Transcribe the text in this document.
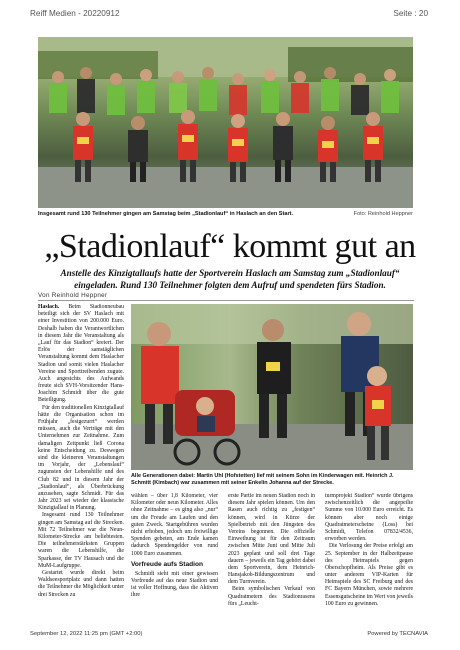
Reiff Medien - 20220912	Seite : 20
Insgesamt rund 130 Teilnehmer gingen am Samstag beim „Stadionlauf“ in Haslach an den Start.	Foto: Reinhold Heppner
„Stadionlauf“ kommt gut an
Anstelle des Kinzigtallaufs hatte der Sportverein Haslach am Samstag zum „Stadionlauf“ eingeladen. Rund 130 Teilnehmer folgten dem Aufruf und spendeten fürs Stadion.
Von Reinhold Heppner

Haslach. Beim Stadionneubau beteiligt sich der SV Haslach mit einer Investition von 200.000 Euro. Deshalb haben die Verantwortlichen in diesem Jahr die Veranstaltung als „Lauf für das Stadion“ kreiert. Der Erlös der samstäglichen Veranstaltung kommt dem Haslacher Stadion und somit vielen Haslacher Vereine und Sporttreibenden zugute. Auch angesichts des Aufwands freute sich SVH-Vorsitzender Hans-Joachim Schmidt über die gute Beteiligung.

Für den traditionellen Kinzigtallauf hätte die Organisation schon im Frühjahr „festgezurrt“ werden müssen, auch die Verträge mit den Unternehmen zur Zeitnahme. Zum damaligen Zeitpunkt ließ Corona keine Entscheidung zu. Deswegen sind die kleineren Veranstaltungen im Vorjahr, der „Lebenslauf“ zugunsten der Lebenshilfe und des Club 82 und in diesem Jahr der „Stadionlauf“, als Überbrückung anzusehen, sagte Schmidt. Für das Jahr 2023 sei wieder der klassische Kinzigtallauf in Planung.

Insgesamt rund 130 Teilnehmer gingen am Samstag auf die Strecken. Mit 72 Teilnehmer war die Neun-Kilometer-Strecke am beliebtesten. Die teilnehmerstärksten Gruppen waren die Lebenshilfe, die Sparkasse, der TV Hausach und die MuM-Laufgruppe.

Gestartet wurde direkt beim Waldseesportplatz und dann hatten die Teilnehmer die Möglichkeit unter drei Strecken zu

Alle Generationen dabei: Martin Uhl (Hofstetten) lief mit seinem Sohn im Kinderwagen mit. Heinrich J. Schmitt (Kimbach) war zusammen mit seiner Enkelin Johanna auf der Strecke.

wählen – über 1,8 Kilometer, vier Kilometer oder neun Kilometer. Alles ohne Zeitnahme – es ging also „nur“ um die Freude am Laufen und den guten Zweck. Startgebühren wurden nicht erhoben, jedoch um freiwillige Spenden gebeten, am Ende kamen dadurch Spendengelder von rund 1000 Euro zusammen.

Vorfreude aufs Stadion

Schmidt sieht mit einer gewissen Vorfreude auf das neue Stadion und ist voller Hoffnung, dass die Aktiven ihre

erste Partie im neuen Stadion noch in diesem Jahr spielen können. Um den Rasen auch richtig zu „festigen“ können, wird in Kürze der Spielbetrieb mit den Jüngsten des Vereins begonnen. Die offizielle Einweihung ist für den Zeitraum zwischen Mitte Juni und Mitte Juli 2023 geplant und soll drei Tage dauern – jeweils ein Tag gehört dabei dem Sportverein, dem Heinrich-Hansjakob-Bildungszentrum und dem Turnverein.

Beim symbolischen Verkauf von Quadratmetern des Stadionrasens fürs „Leucht-

turmprojekt Stadion“ wurde übrigens zwischenzeitlich die angepeilte Summe von 10.000 Euro erreicht. Es können aber noch einige Quadratmeterscheine (Loss) bei Schmidt, Telefon 07832/4536, erworben werden.

Die Verlosung der Preise erfolgt am 25. September in der Halbzeitpause des Heimspiels gegen Oberschopfheim. Als Preise gibt es unter anderem VIP-Karten für Heimspiele des SC Freiburg und des FC Bayern München, sowie mehrere Essensgutscheine im Wert von jeweils 100 Euro zu gewinnen.

September 12, 2022 11:25 pm (GMT +2:00)	Powered by TECNAVIA
